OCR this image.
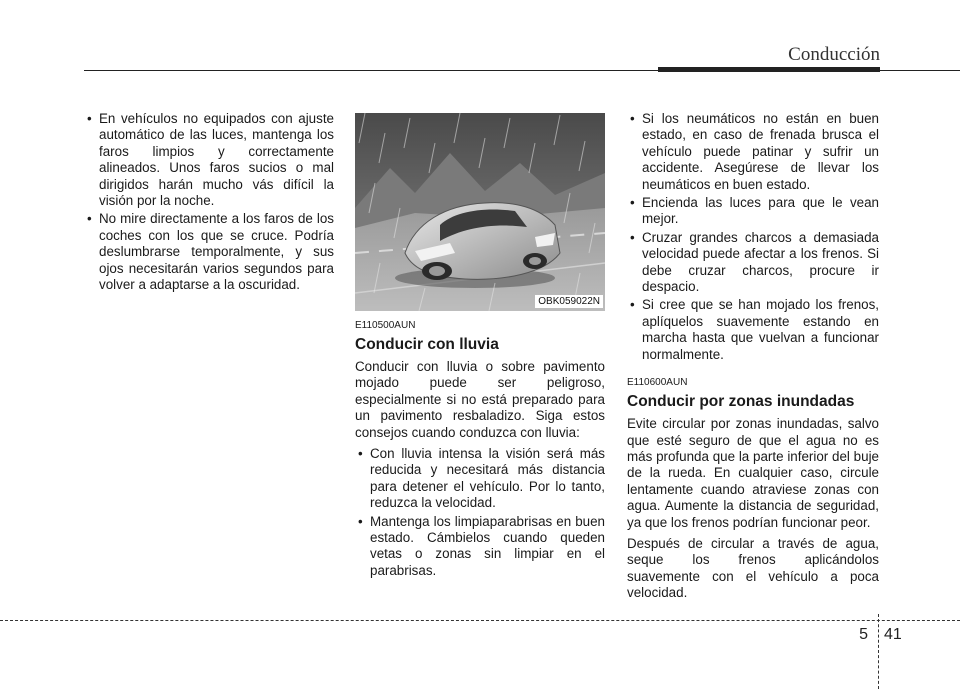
Conducción
• En vehículos no equipados con ajuste automático de las luces, mantenga los faros limpios y correctamente alineados. Unos faros sucios o mal dirigidos harán mucho vás difícil la visión por la noche.
• No mire directamente a los faros de los coches con los que se cruce. Podría deslumbrarse temporalmente, y sus ojos necesitarán varios segundos para volver a adaptarse a la oscuridad.
OBK059022N
E110500AUN
Conducir con lluvia

Conducir con lluvia o sobre pavimento mojado puede ser peligroso, especialmente si no está preparado para un pavimento resbaladizo. Siga estos consejos cuando conduzca con lluvia:

• Con lluvia intensa la visión será más reducida y necesitará más distancia para detener el vehículo. Por lo tanto, reduzca la velocidad.
• Mantenga los limpiaparabrisas en buen estado. Cámbielos cuando queden vetas o zonas sin limpiar en el parabrisas.
• Si los neumáticos no están en buen estado, en caso de frenada brusca el vehículo puede patinar y sufrir un accidente. Asegúrese de llevar los neumáticos en buen estado.
• Encienda las luces para que le vean mejor.
• Cruzar grandes charcos a demasiada velocidad puede afectar a los frenos. Si debe cruzar charcos, procure ir despacio.
• Si cree que se han mojado los frenos, aplíquelos suavemente estando en marcha hasta que vuelvan a funcionar normalmente.
E110600AUN
Conducir por zonas inundadas

Evite circular por zonas inundadas, salvo que esté seguro de que el agua no es más profunda que la parte inferior del buje de la rueda. En cualquier caso, circule lentamente cuando atraviese zonas con agua. Aumente la distancia de seguridad, ya que los frenos podrían funcionar peor.

Después de circular a través de agua, seque los frenos aplicándolos suavemente con el vehículo a poca velocidad.

5 41
